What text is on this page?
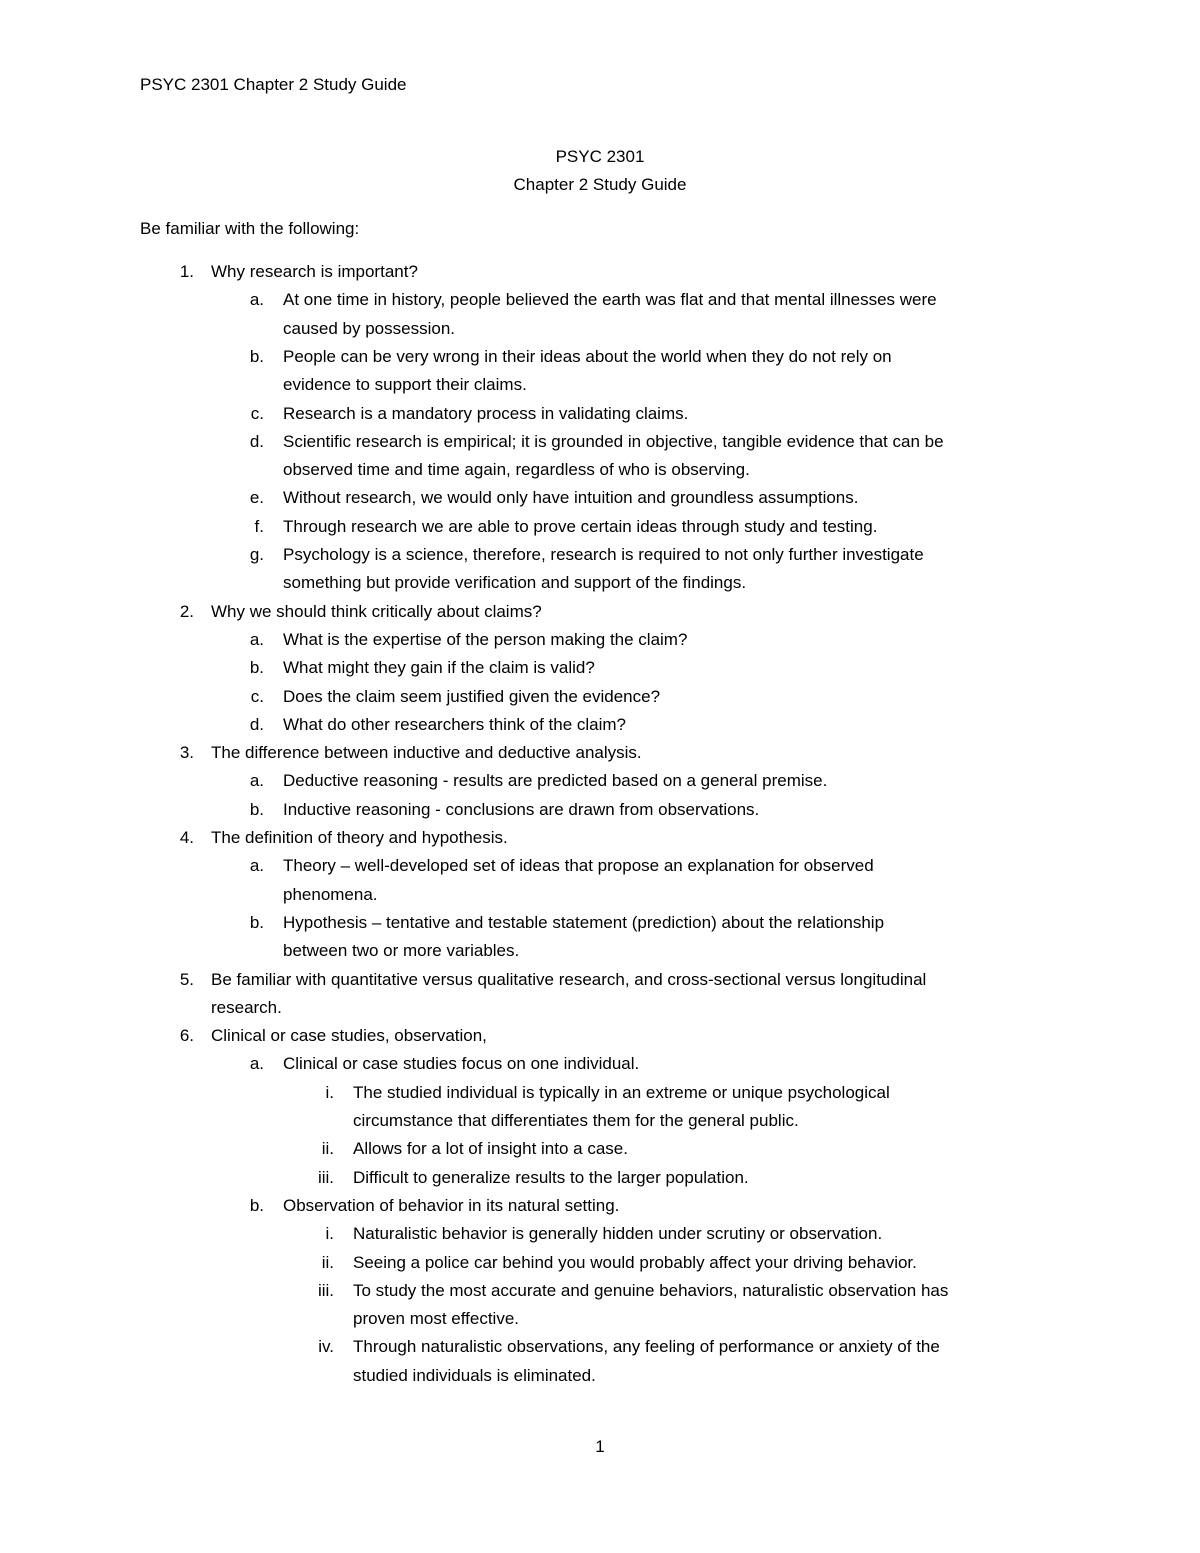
PSYC 2301 Chapter 2 Study Guide
PSYC 2301
Chapter 2 Study Guide
Be familiar with the following:
1. Why research is important?
a. At one time in history, people believed the earth was flat and that mental illnesses were
caused by possession.
b. People can be very wrong in their ideas about the world when they do not rely on
evidence to support their claims.
c. Research is a mandatory process in validating claims.
d. Scientific research is empirical; it is grounded in objective, tangible evidence that can be
observed time and time again, regardless of who is observing.
e. Without research, we would only have intuition and groundless assumptions.
f. Through research we are able to prove certain ideas through study and testing.
g. Psychology is a science, therefore, research is required to not only further investigate
something but provide verification and support of the findings.
2. Why we should think critically about claims?
a. What is the expertise of the person making the claim?
b. What might they gain if the claim is valid?
c. Does the claim seem justified given the evidence?
d. What do other researchers think of the claim?
3. The difference between inductive and deductive analysis.
a. Deductive reasoning - results are predicted based on a general premise.
b. Inductive reasoning - conclusions are drawn from observations.
4. The definition of theory and hypothesis.
a. Theory – well-developed set of ideas that propose an explanation for observed
phenomena.
b. Hypothesis – tentative and testable statement (prediction) about the relationship
between two or more variables.
5. Be familiar with quantitative versus qualitative research, and cross-sectional versus longitudinal
research.
6. Clinical or case studies, observation,
a. Clinical or case studies focus on one individual.
i. The studied individual is typically in an extreme or unique psychological
circumstance that differentiates them for the general public.
ii. Allows for a lot of insight into a case.
iii. Difficult to generalize results to the larger population.
b. Observation of behavior in its natural setting.
i. Naturalistic behavior is generally hidden under scrutiny or observation.
ii. Seeing a police car behind you would probably affect your driving behavior.
iii. To study the most accurate and genuine behaviors, naturalistic observation has
proven most effective.
iv. Through naturalistic observations, any feeling of performance or anxiety of the
studied individuals is eliminated.
1
